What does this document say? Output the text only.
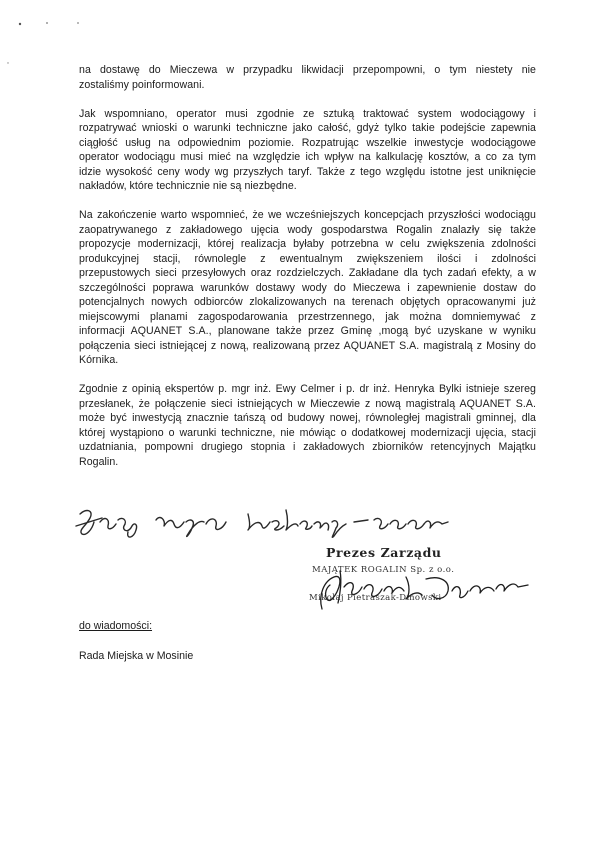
na dostawę do Mieczewa w przypadku likwidacji przepompowni, o tym niestety nie
zostaliśmy poinformowani.

Jak wspomniano, operator musi zgodnie ze sztuką traktować system wodociągowy i
rozpatrywać wnioski o warunki techniczne jako całość, gdyż tylko takie podejście zapewnia
ciągłość usług na odpowiednim poziomie. Rozpatrując wszelkie inwestycje wodociągowe
operator wodociągu musi mieć na względzie ich wpływ na kalkulację kosztów, a co za tym
idzie wysokość ceny wody wg przyszłych taryf. Także z tego względu istotne jest uniknięcie
nakładów, które technicznie nie są niezbędne.

Na zakończenie warto wspomnieć, że we wcześniejszych koncepcjach przyszłości wodociągu
zaopatrywanego z zakładowego ujęcia wody gospodarstwa Rogalin znalazły się także
propozycje modernizacji, której realizacja byłaby potrzebna w celu zwiększenia zdolności
produkcyjnej stacji, równolegle z ewentualnym zwiększeniem ilości i zdolności
przepustowych sieci przesyłowych oraz rozdzielczych. Zakładane dla tych zadań efekty, a w
szczególności poprawa warunków dostawy wody do Mieczewa i zapewnienie dostaw do
potencjalnych nowych odbiorców zlokalizowanych na terenach objętych opracowanymi już
miejscowymi planami zagospodarowania przestrzennego, jak można domniemywać z
informacji AQUANET S.A., planowane także przez Gminę ,mogą być uzyskane w wyniku
połączenia sieci istniejącej z nową, realizowaną przez AQUANET S.A. magistralą z Mosiny do
Kórnika.

Zgodnie z opinią ekspertów p. mgr inż. Ewy Celmer i p. dr inż. Henryka Bylki istnieje szereg
przesłanek, że połączenie sieci istniejących w Mieczewie z nową magistralą AQUANET S.A.
może być inwestycją znacznie tańszą od budowy nowej, równoległej magistrali gminnej, dla
której wystąpiono o warunki techniczne, nie mówiąc o dodatkowej modernizacji ujęcia, stacji
uzdatniania, pompowni drugiego stopnia i zakładowych zbiorników retencyjnych Majątku
Rogalin.

Prezes Zarządu
MAJĄTEK ROGALIN Sp. z o.o.
Mikołaj Pietraszak-Dmowski
do wiadomości:
Rada Miejska w Mosinie
